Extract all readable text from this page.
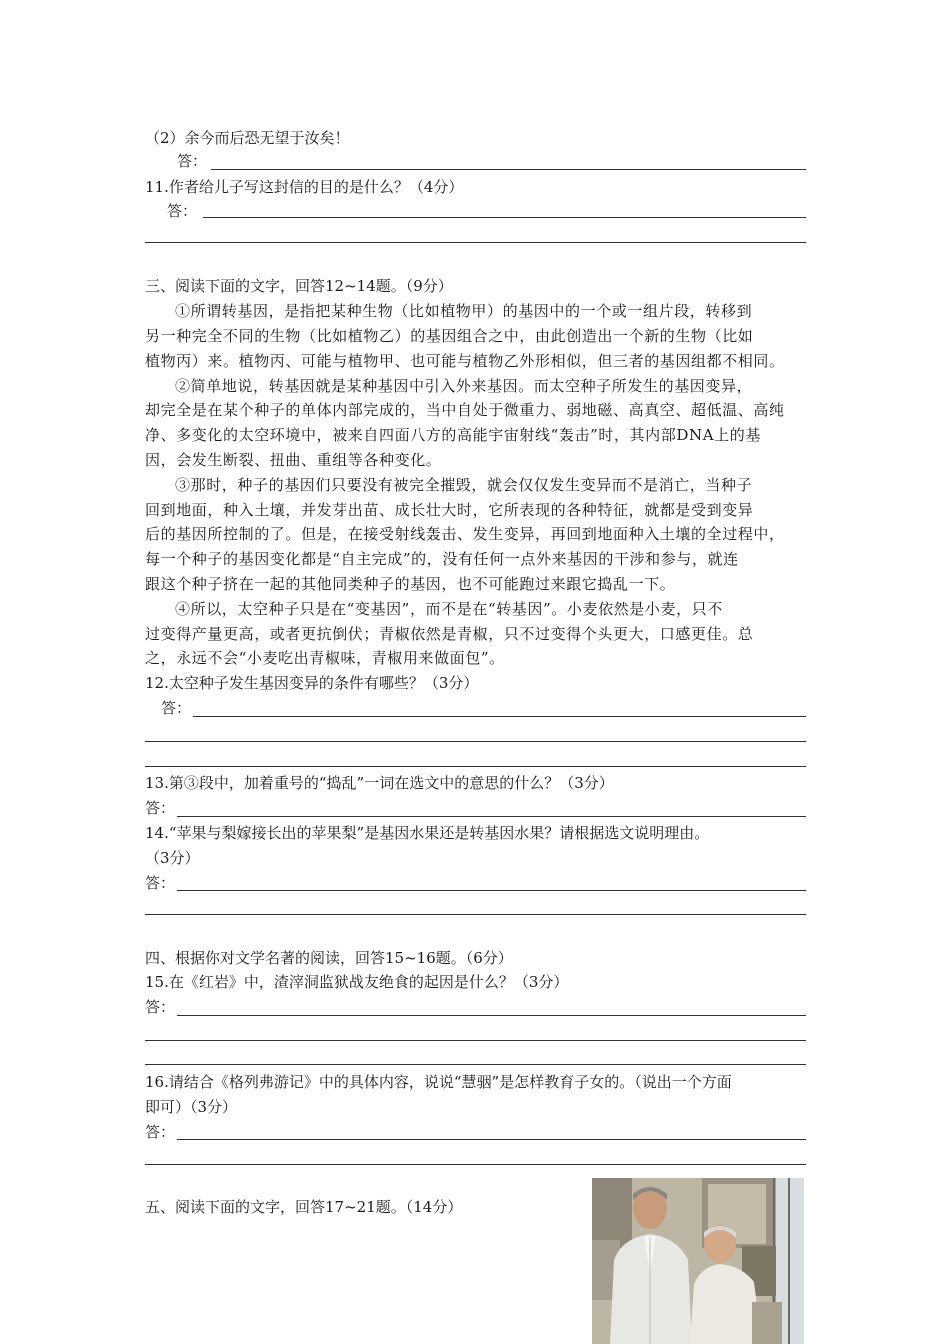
（2）余今而后恐无望于汝矣！
答：
11.作者给儿子写这封信的目的是什么？（4分）
答：
三、阅读下面的文字，回答12~14题。（9分）
①所谓转基因，是指把某种生物（比如植物甲）的基因中的一个或一组片段，转移到
另一种完全不同的生物（比如植物乙）的基因组合之中，由此创造出一个新的生物（比如
植物丙）来。植物丙、可能与植物甲、也可能与植物乙外形相似，但三者的基因组都不相同。
②简单地说，转基因就是某种基因中引入外来基因。而太空种子所发生的基因变异，
却完全是在某个种子的单体内部完成的，当中自处于微重力、弱地磁、高真空、超低温、高纯
净、多变化的太空环境中，被来自四面八方的高能宇宙射线“轰击”时，其内部DNA上的基
因，会发生断裂、扭曲、重组等各种变化。
③那时，种子的基因们只要没有被完全摧毁，就会仅仅发生变异而不是消亡，当种子
回到地面，种入土壤，并发芽出苗、成长壮大时，它所表现的各种特征，就都是受到变异
后的基因所控制的了。但是，在接受射线轰击、发生变异，再回到地面种入土壤的全过程中，
每一个种子的基因变化都是“自主完成”的，没有任何一点外来基因的干涉和参与，就连
跟这个种子挤在一起的其他同类种子的基因，也不可能跑过来跟它捣乱一下。
④所以，太空种子只是在“变基因”，而不是在“转基因”。小麦依然是小麦，只不
过变得产量更高，或者更抗倒伏；青椒依然是青椒，只不过变得个头更大，口感更佳。总
之，永远不会“小麦吃出青椒味，青椒用来做面包”。
12.太空种子发生基因变异的条件有哪些？（3分）
答：
13.第③段中，加着重号的“捣乱”一词在选文中的意思的什么？（3分）
答：
14.“苹果与梨嫁接长出的苹果梨”是基因水果还是转基因水果？请根据选文说明理由。
（3分）
答：
四、根据你对文学名著的阅读，回答15~16题。（6分）
15.在《红岩》中，渣滓洞监狱战友绝食的起因是什么？（3分）
答：
16.请结合《格列弗游记》中的具体内容，说说“慧骃”是怎样教育子女的。（说出一个方面
即可）（3分）
答：
五、阅读下面的文字，回答17~21题。（14分）
